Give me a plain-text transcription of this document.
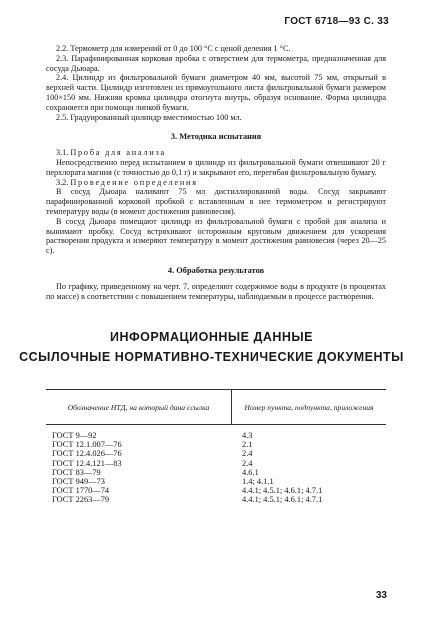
ГОСТ 6718—93 С. 33

2.2. Термометр для измерений от 0 до 100 °С с ценой деления 1 °С.

2.3. Парафинированная корковая пробка с отверстием для термометра, предназначенная для сосуда Дьюара.

2.4. Цилиндр из фильтровальной бумаги диаметром 40 мм, высотой 75 мм, открытый в верхней части. Цилиндр изготовлен из прямоугольного листа фильтровальной бумаги размером 100×150 мм. Нижняя кромка цилиндра отогнута внутрь, образуя основание. Форма цилиндра сохраняется при помощи липкой бумаги.

2.5. Градуированный цилиндр вместимостью 100 мл.

3. Методика испытания

3.1. Проба для анализа

Непосредственно перед испытанием в цилиндр из фильтровальной бумаги отвешивают 20 г перхлората магния (с точностью до 0,1 г) и закрывают его, перегибая фильтровальную бумагу.

3.2. Проведение определения

В сосуд Дьюара наливают 75 мл дистиллированной воды. Сосуд закрывают парафинированной корковой пробкой с вставленным в нее термометром и регистрируют температуру воды (в момент достижения равновесия).

В сосуд Дьюара помещают цилиндр из фильтровальной бумаги с пробой для анализа и вынимают пробку. Сосуд встряхивают осторожным круговым движением для ускорения растворения продукта и измеряют температуру в момент достижения равновесия (через 20—25 с).

4. Обработка результатов

По графику, приведенному на черт. 7, определяют содержимое воды в продукте (в процентах по массе) в соответствии с повышением температуры, наблюдаемым в процессе растворения.

ИНФОРМАЦИОННЫЕ ДАННЫЕ
ССЫЛОЧНЫЕ НОРМАТИВНО-ТЕХНИЧЕСКИЕ ДОКУМЕНТЫ
Обозначение НТД, на который дана ссылка	Номер пункта, подпункта, приложения
ГОСТ 9—92	4.3
ГОСТ 12.1.007—76	2.1
ГОСТ 12.4.026—76	2.4
ГОСТ 12.4.121—83	2.4
ГОСТ 83—79	4.6.1
ГОСТ 949—73	1.4; 4.1.1
ГОСТ 1770—74	4.4.1; 4.5.1; 4.6.1; 4.7.1
ГОСТ 2263—79	4.4.1; 4.5.1; 4.6.1; 4.7.1
33
